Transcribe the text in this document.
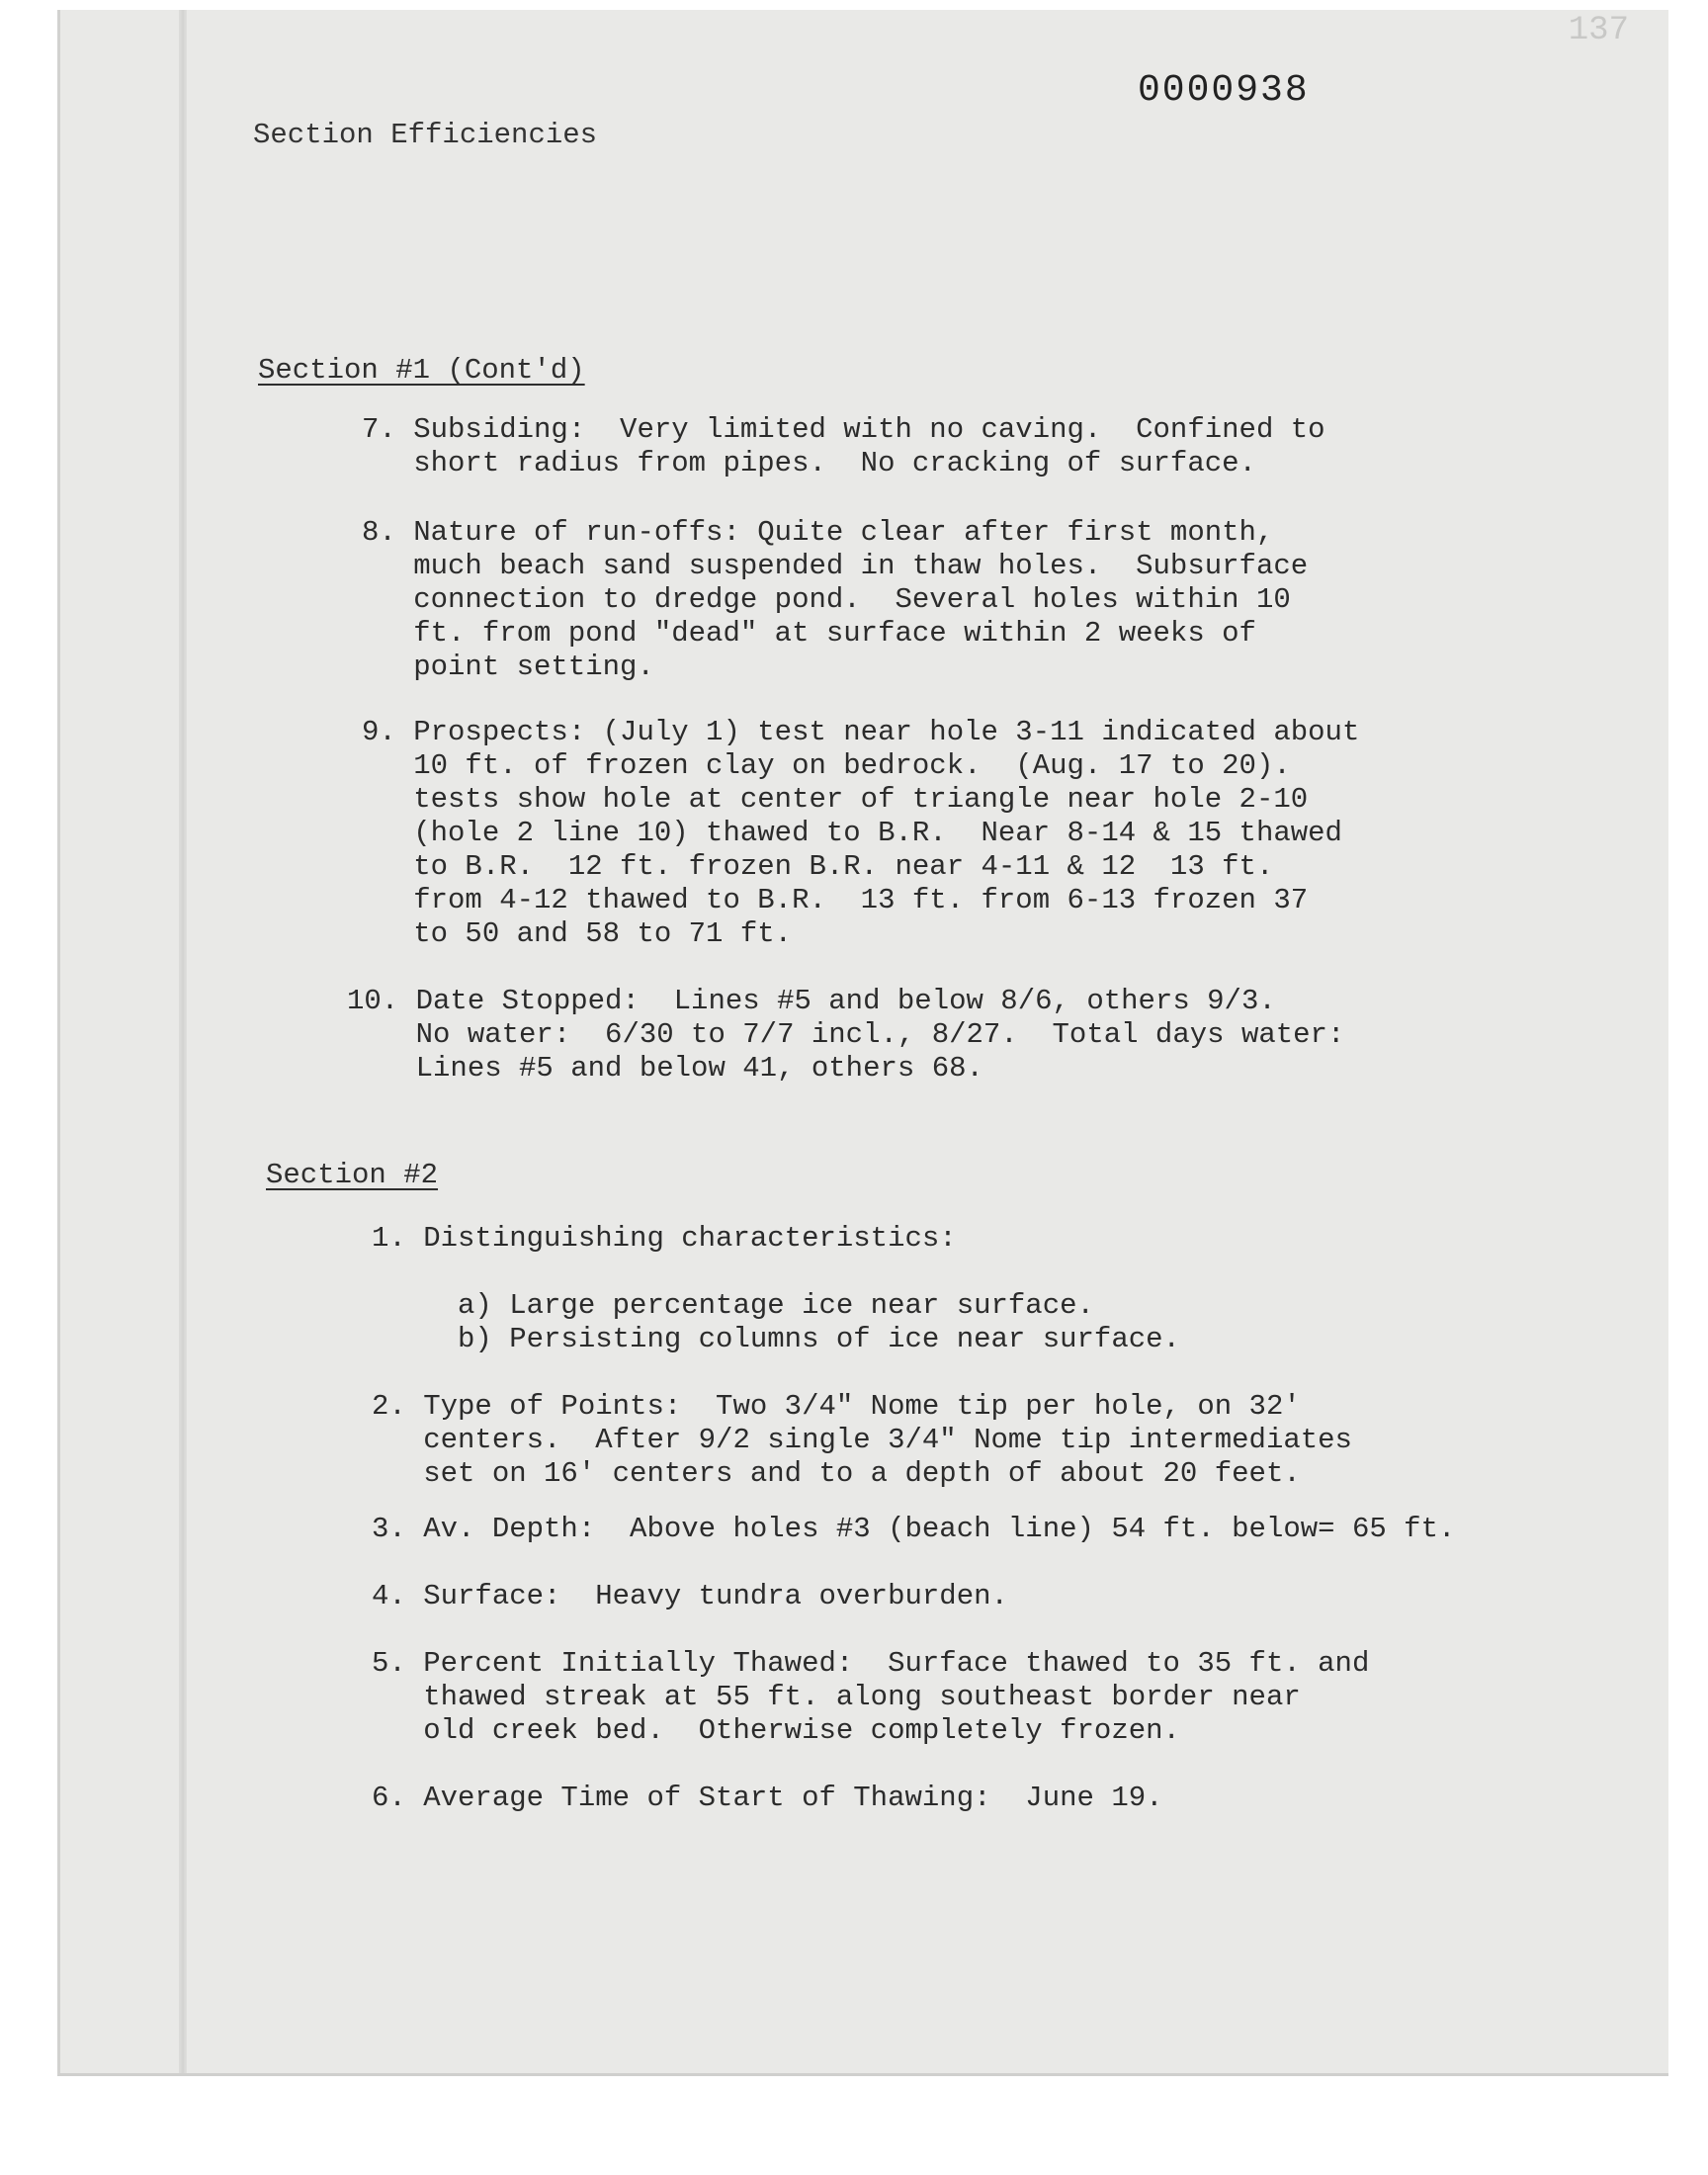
137
0000938
Section Efficiencies
Section #1 (Cont'd)
7. Subsiding:  Very limited with no caving.  Confined to
short radius from pipes.  No cracking of surface.
8. Nature of run-offs: Quite clear after first month,
much beach sand suspended in thaw holes.  Subsurface
connection to dredge pond.  Several holes within 10
ft. from pond "dead" at surface within 2 weeks of
point setting.
9. Prospects: (July 1) test near hole 3-11 indicated about
10 ft. of frozen clay on bedrock.  (Aug. 17 to 20).
tests show hole at center of triangle near hole 2-10
(hole 2 line 10) thawed to B.R.  Near 8-14 & 15 thawed
to B.R.  12 ft. frozen B.R. near 4-11 & 12  13 ft.
from 4-12 thawed to B.R.  13 ft. from 6-13 frozen 37
to 50 and 58 to 71 ft.
10. Date Stopped:  Lines #5 and below 8/6, others 9/3.
No water:  6/30 to 7/7 incl., 8/27.  Total days water:
Lines #5 and below 41, others 68.
Section #2
1. Distinguishing characteristics:
a) Large percentage ice near surface.
b) Persisting columns of ice near surface.
2. Type of Points:  Two 3/4" Nome tip per hole, on 32'
centers.  After 9/2 single 3/4" Nome tip intermediates
set on 16' centers and to a depth of about 20 feet.
3. Av. Depth:  Above holes #3 (beach line) 54 ft. below= 65 ft.
4. Surface:  Heavy tundra overburden.
5. Percent Initially Thawed:  Surface thawed to 35 ft. and
thawed streak at 55 ft. along southeast border near
old creek bed.  Otherwise completely frozen.
6. Average Time of Start of Thawing:  June 19.
